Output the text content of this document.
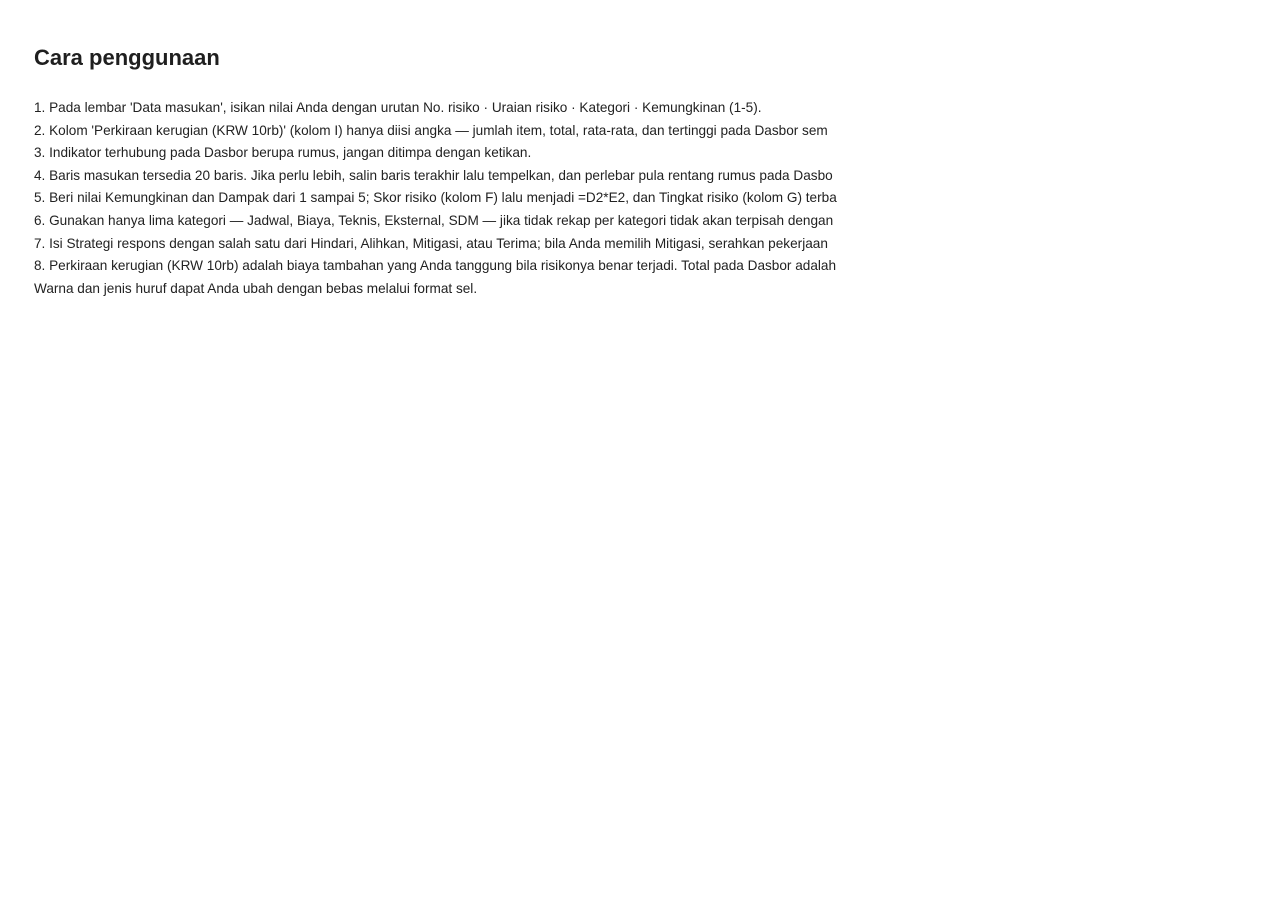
Cara penggunaan
1. Pada lembar 'Data masukan', isikan nilai Anda dengan urutan No. risiko · Uraian risiko · Kategori · Kemungkinan (1-5).
2. Kolom 'Perkiraan kerugian (KRW 10rb)' (kolom I) hanya diisi angka — jumlah item, total, rata-rata, dan tertinggi pada Dasbor sem
3. Indikator terhubung pada Dasbor berupa rumus, jangan ditimpa dengan ketikan.
4. Baris masukan tersedia 20 baris. Jika perlu lebih, salin baris terakhir lalu tempelkan, dan perlebar pula rentang rumus pada Dasbo
5. Beri nilai Kemungkinan dan Dampak dari 1 sampai 5; Skor risiko (kolom F) lalu menjadi =D2*E2, dan Tingkat risiko (kolom G) terba
6. Gunakan hanya lima kategori — Jadwal, Biaya, Teknis, Eksternal, SDM — jika tidak rekap per kategori tidak akan terpisah dengan
7. Isi Strategi respons dengan salah satu dari Hindari, Alihkan, Mitigasi, atau Terima; bila Anda memilih Mitigasi, serahkan pekerjaan
8. Perkiraan kerugian (KRW 10rb) adalah biaya tambahan yang Anda tanggung bila risikonya benar terjadi. Total pada Dasbor adalah
Warna dan jenis huruf dapat Anda ubah dengan bebas melalui format sel.
